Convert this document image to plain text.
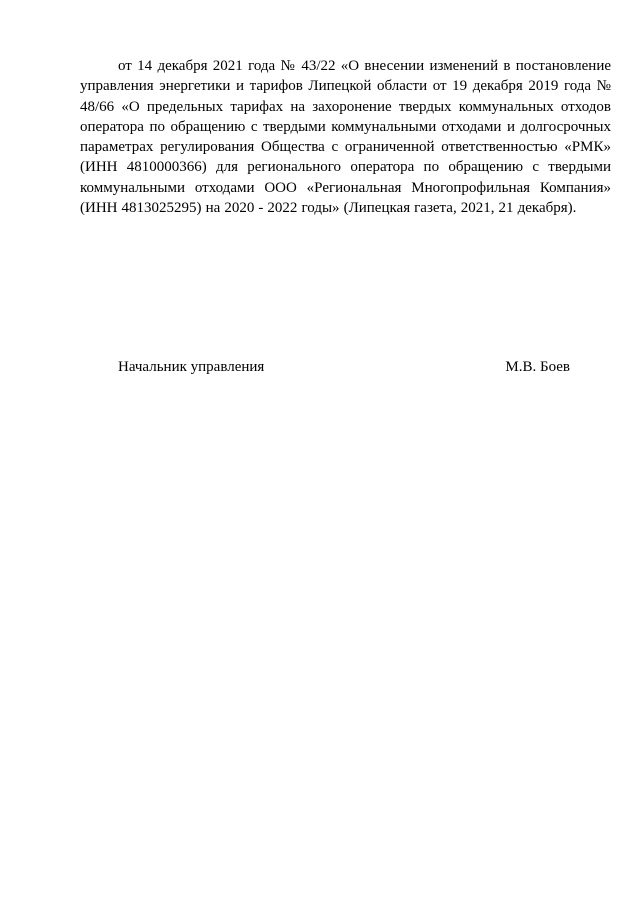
от 14 декабря 2021 года № 43/22 «О внесении изменений в постановление управления энергетики и тарифов Липецкой области от 19 декабря 2019 года № 48/66 «О предельных тарифах на захоронение твердых коммунальных отходов оператора по обращению с твердыми коммунальными отходами и долгосрочных параметрах регулирования Общества с ограниченной ответственностью «РМК» (ИНН 4810000366) для регионального оператора по обращению с твердыми коммунальными отходами ООО «Региональная Многопрофильная Компания» (ИНН 4813025295) на 2020 - 2022 годы» (Липецкая газета, 2021, 21 декабря).

Начальник управления	М.В. Боев
